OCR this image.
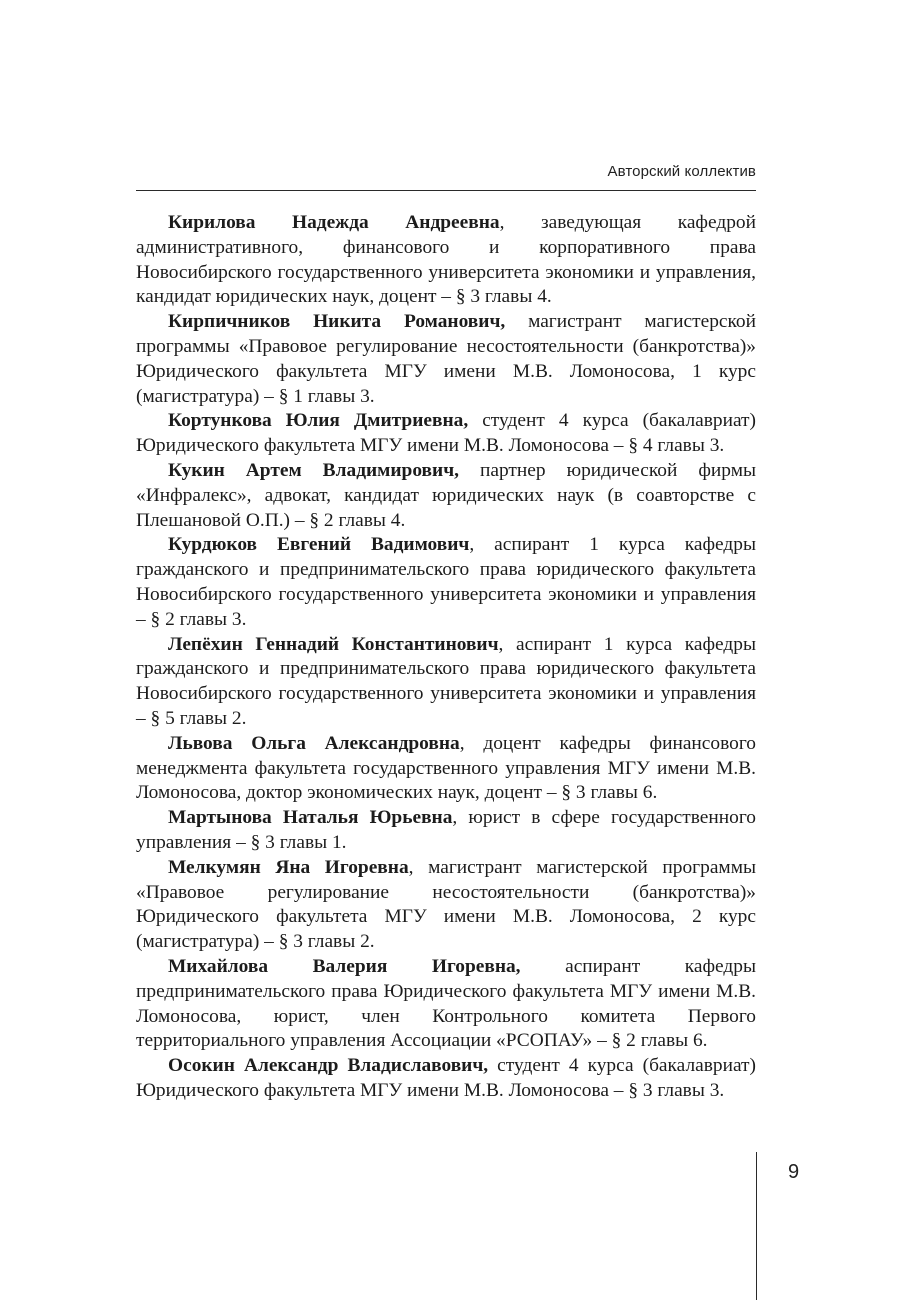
Авторский коллектив

Кирилова Надежда Андреевна, заведующая кафедрой административного, финансового и корпоративного права Новосибирского государственного университета экономики и управления, кандидат юридических наук, доцент – § 3 главы 4.

Кирпичников Никита Романович, магистрант магистерской программы «Правовое регулирование несостоятельности (банкротства)» Юридического факультета МГУ имени М.В. Ломоносова, 1 курс (магистратура) – § 1 главы 3.

Кортункова Юлия Дмитриевна, студент 4 курса (бакалавриат) Юридического факультета МГУ имени М.В. Ломоносова – § 4 главы 3.

Кукин Артем Владимирович, партнер юридической фирмы «Инфралекс», адвокат, кандидат юридических наук (в соавторстве с Плешановой О.П.) – § 2 главы 4.

Курдюков Евгений Вадимович, аспирант 1 курса кафедры гражданского и предпринимательского права юридического факультета Новосибирского государственного университета экономики и управления – § 2 главы 3.

Лепёхин Геннадий Константинович, аспирант 1 курса кафедры гражданского и предпринимательского права юридического факультета Новосибирского государственного университета экономики и управления – § 5 главы 2.

Львова Ольга Александровна, доцент кафедры финансового менеджмента факультета государственного управления МГУ имени М.В. Ломоносова, доктор экономических наук, доцент – § 3 главы 6.

Мартынова Наталья Юрьевна, юрист в сфере государственного управления – § 3 главы 1.

Мелкумян Яна Игоревна, магистрант магистерской программы «Правовое регулирование несостоятельности (банкротства)» Юридического факультета МГУ имени М.В. Ломоносова, 2 курс (магистратура) – § 3 главы 2.

Михайлова Валерия Игоревна, аспирант кафедры предпринимательского права Юридического факультета МГУ имени М.В. Ломоносова, юрист, член Контрольного комитета Первого территориального управления Ассоциации «РСОПАУ» – § 2 главы 6.

Осокин Александр Владиславович, студент 4 курса (бакалавриат) Юридического факультета МГУ имени М.В. Ломоносова – § 3 главы 3.

9
